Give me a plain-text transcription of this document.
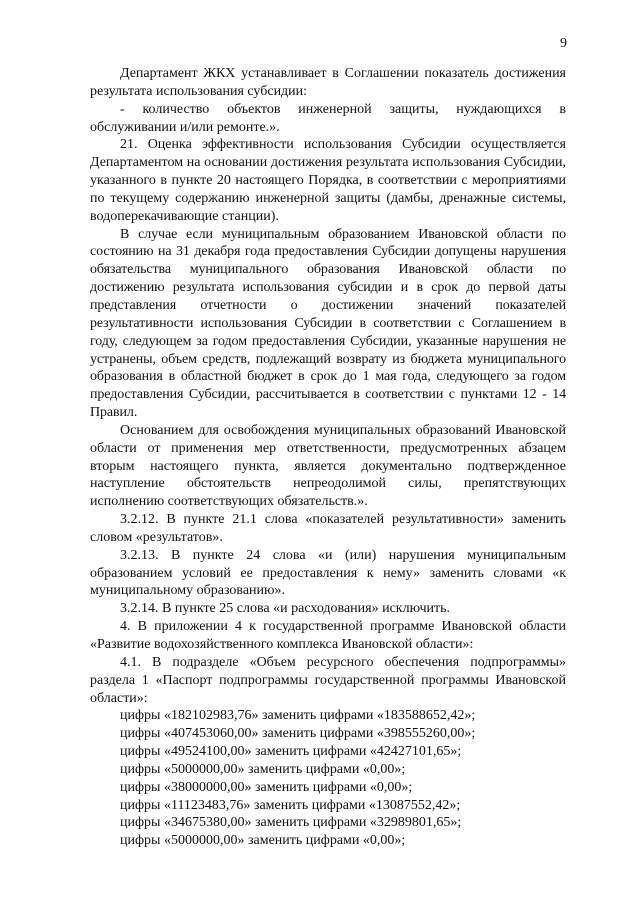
9

Департамент ЖКХ устанавливает в Соглашении показатель достижения результата использования субсидии:

- количество объектов инженерной защиты, нуждающихся в обслуживании и/или ремонте.».

21. Оценка эффективности использования Субсидии осуществляется Департаментом на основании достижения результата использования Субсидии, указанного в пункте 20 настоящего Порядка, в соответствии с мероприятиями по текущему содержанию инженерной защиты (дамбы, дренажные системы, водоперекачивающие станции).

В случае если муниципальным образованием Ивановской области по состоянию на 31 декабря года предоставления Субсидии допущены нарушения обязательства муниципального образования Ивановской области по достижению результата использования субсидии и в срок до первой даты представления отчетности о достижении значений показателей результативности использования Субсидии в соответствии с Соглашением в году, следующем за годом предоставления Субсидии, указанные нарушения не устранены, объем средств, подлежащий возврату из бюджета муниципального образования в областной бюджет в срок до 1 мая года, следующего за годом предоставления Субсидии, рассчитывается в соответствии с пунктами 12 - 14 Правил.

Основанием для освобождения муниципальных образований Ивановской области от применения мер ответственности, предусмотренных абзацем вторым настоящего пункта, является документально подтвержденное наступление обстоятельств непреодолимой силы, препятствующих исполнению соответствующих обязательств.».

3.2.12. В пункте 21.1 слова «показателей результативности» заменить словом «результатов».

3.2.13. В пункте 24 слова «и (или) нарушения муниципальным образованием условий ее предоставления к нему» заменить словами «к муниципальному образованию».

3.2.14. В пункте 25 слова «и расходования» исключить.

4. В приложении 4 к государственной программе Ивановской области «Развитие водохозяйственного комплекса Ивановской области»:

4.1. В подразделе «Объем ресурсного обеспечения подпрограммы» раздела 1 «Паспорт подпрограммы государственной программы Ивановской области»:

цифры «182102983,76» заменить цифрами «183588652,42»;
цифры «407453060,00» заменить цифрами «398555260,00»;
цифры «49524100,00» заменить цифрами «42427101,65»;
цифры «5000000,00» заменить цифрами «0,00»;
цифры «38000000,00» заменить цифрами «0,00»;
цифры «11123483,76» заменить цифрами «13087552,42»;
цифры «34675380,00» заменить цифрами «32989801,65»;
цифры «5000000,00» заменить цифрами «0,00»;
